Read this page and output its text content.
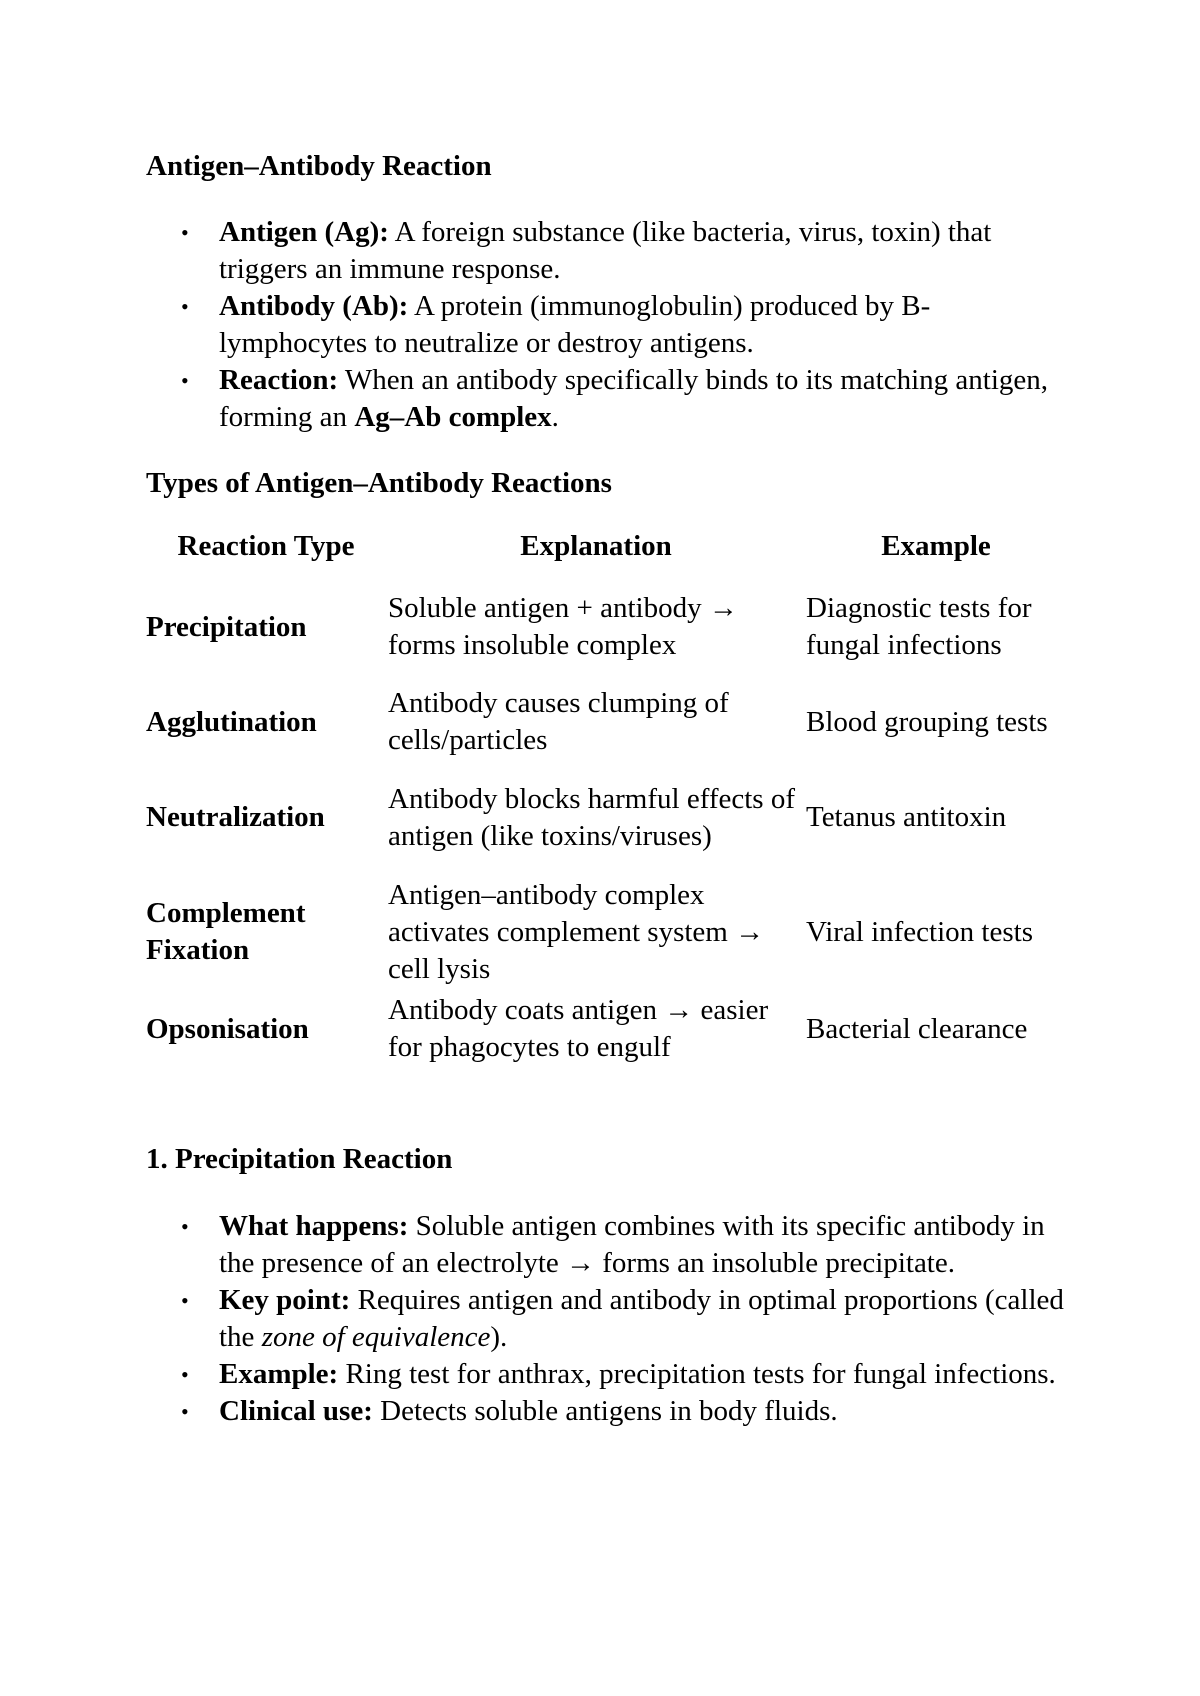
Antigen–Antibody Reaction
• Antigen (Ag): A foreign substance (like bacteria, virus, toxin) that triggers an immune response.
• Antibody (Ab): A protein (immunoglobulin) produced by B-lymphocytes to neutralize or destroy antigens.
• Reaction: When an antibody specifically binds to its matching antigen, forming an Ag–Ab complex.
Types of Antigen–Antibody Reactions
Reaction Type	Explanation	Example
Precipitation	Soluble antigen + antibody → forms insoluble complex	Diagnostic tests for fungal infections
Agglutination	Antibody causes clumping of cells/particles	Blood grouping tests
Neutralization	Antibody blocks harmful effects of antigen (like toxins/viruses)	Tetanus antitoxin
Complement Fixation	Antigen–antibody complex activates complement system → cell lysis	Viral infection tests
Opsonisation	Antibody coats antigen → easier for phagocytes to engulf	Bacterial clearance
1. Precipitation Reaction
• What happens: Soluble antigen combines with its specific antibody in the presence of an electrolyte → forms an insoluble precipitate.
• Key point: Requires antigen and antibody in optimal proportions (called the zone of equivalence).
• Example: Ring test for anthrax, precipitation tests for fungal infections.
• Clinical use: Detects soluble antigens in body fluids.
